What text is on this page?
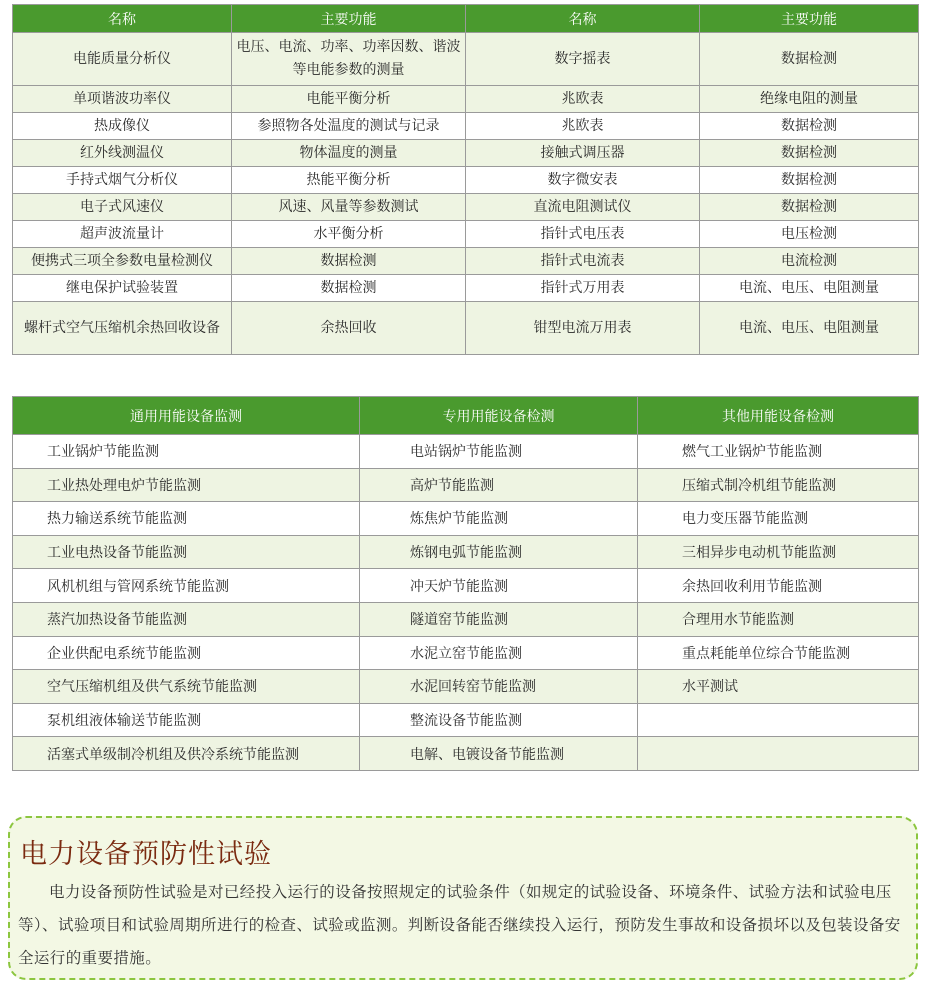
名称	主要功能	名称	主要功能
电能质量分析仪	电压、电流、功率、功率因数、谐波等电能参数的测量	数字摇表	数据检测
单项谐波功率仪	电能平衡分析	兆欧表	绝缘电阻的测量
热成像仪	参照物各处温度的测试与记录	兆欧表	数据检测
红外线测温仪	物体温度的测量	接触式调压器	数据检测
手持式烟气分析仪	热能平衡分析	数字微安表	数据检测
电子式风速仪	风速、风量等参数测试	直流电阻测试仪	数据检测
超声波流量计	水平衡分析	指针式电压表	电压检测
便携式三项全参数电量检测仪	数据检测	指针式电流表	电流检测
继电保护试验装置	数据检测	指针式万用表	电流、电压、电阻测量
螺杆式空气压缩机余热回收设备	余热回收	钳型电流万用表	电流、电压、电阻测量
通用用能设备监测	专用用能设备检测	其他用能设备检测
工业锅炉节能监测	电站锅炉节能监测	燃气工业锅炉节能监测
工业热处理电炉节能监测	高炉节能监测	压缩式制冷机组节能监测
热力输送系统节能监测	炼焦炉节能监测	电力变压器节能监测
工业电热设备节能监测	炼钢电弧节能监测	三相异步电动机节能监测
风机机组与管网系统节能监测	冲天炉节能监测	余热回收利用节能监测
蒸汽加热设备节能监测	隧道窑节能监测	合理用水节能监测
企业供配电系统节能监测	水泥立窑节能监测	重点耗能单位综合节能监测
空气压缩机组及供气系统节能监测	水泥回转窑节能监测	水平测试
泵机组液体输送节能监测	整流设备节能监测	
活塞式单级制冷机组及供冷系统节能监测	电解、电镀设备节能监测	
电力设备预防性试验
电力设备预防性试验是对已经投入运行的设备按照规定的试验条件（如规定的试验设备、环境条件、试验方法和试验电压等）、试验项目和试验周期所进行的检查、试验或监测。判断设备能否继续投入运行，预防发生事故和设备损坏以及包装设备安全运行的重要措施。
